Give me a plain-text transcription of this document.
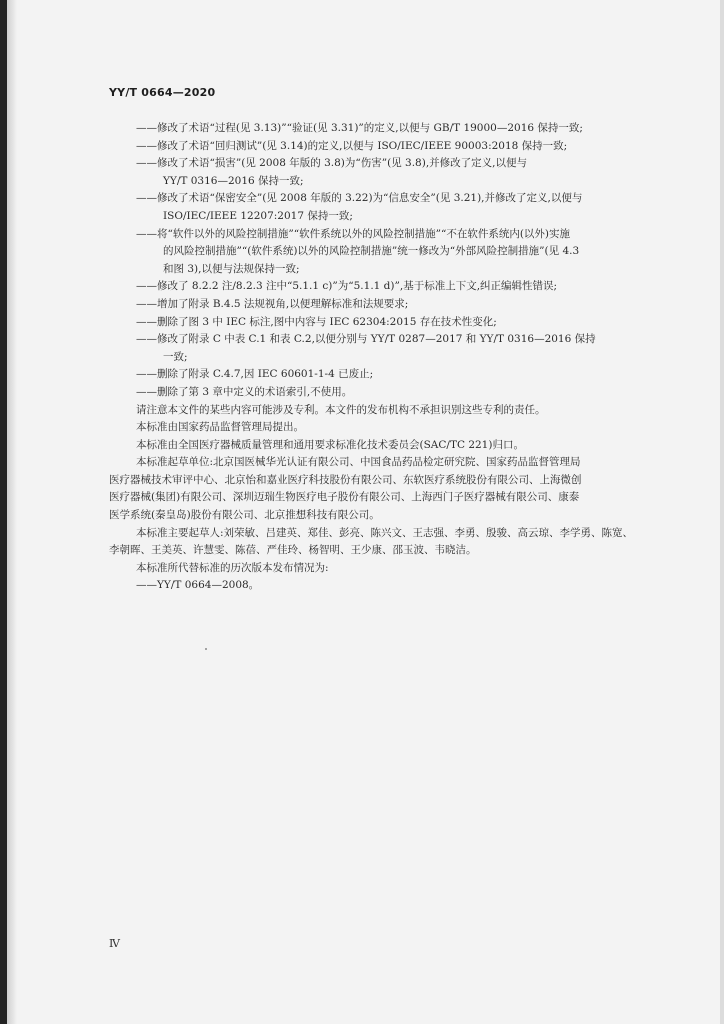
YY/T 0664—2020
——修改了术语“过程(见 3.13)”“验证(见 3.31)”的定义,以便与 GB/T 19000—2016 保持一致;
——修改了术语“回归测试”(见 3.14)的定义,以便与 ISO/IEC/IEEE 90003:2018 保持一致;
——修改了术语“损害”(见 2008 年版的 3.8)为“伤害”(见 3.8),并修改了定义,以便与
YY/T 0316—2016 保持一致;
——修改了术语“保密安全”(见 2008 年版的 3.22)为“信息安全”(见 3.21),并修改了定义,以便与
ISO/IEC/IEEE 12207:2017 保持一致;
——将“软件以外的风险控制措施”“软件系统以外的风险控制措施”“不在软件系统内(以外)实施
的风险控制措施”“(软件系统)以外的风险控制措施”统一修改为“外部风险控制措施”(见 4.3
和图 3),以便与法规保持一致;
——修改了 8.2.2 注/8.2.3 注中“5.1.1 c)”为“5.1.1 d)”,基于标准上下文,纠正编辑性错误;
——增加了附录 B.4.5 法规视角,以便理解标准和法规要求;
——删除了图 3 中 IEC 标注,图中内容与 IEC 62304:2015 存在技术性变化;
——修改了附录 C 中表 C.1 和表 C.2,以便分别与 YY/T 0287—2017 和 YY/T 0316—2016 保持
一致;
——删除了附录 C.4.7,因 IEC 60601-1-4 已废止;
——删除了第 3 章中定义的术语索引,不使用。
请注意本文件的某些内容可能涉及专利。本文件的发布机构不承担识别这些专利的责任。
本标准由国家药品监督管理局提出。
本标准由全国医疗器械质量管理和通用要求标准化技术委员会(SAC/TC 221)归口。
本标准起草单位:北京国医械华光认证有限公司、中国食品药品检定研究院、国家药品监督管理局
医疗器械技术审评中心、北京怡和嘉业医疗科技股份有限公司、东软医疗系统股份有限公司、上海微创
医疗器械(集团)有限公司、深圳迈瑞生物医疗电子股份有限公司、上海西门子医疗器械有限公司、康泰
医学系统(秦皇岛)股份有限公司、北京推想科技有限公司。
本标准主要起草人:刘荣敏、吕建英、郑佳、彭亮、陈兴文、王志强、李勇、殷骏、高云琼、李学勇、陈宽、
李朝晖、王美英、许慧雯、陈蓓、严佳玲、杨智明、王少康、邵玉波、韦晓洁。
本标准所代替标准的历次版本发布情况为:
——YY/T 0664—2008。
Ⅳ
